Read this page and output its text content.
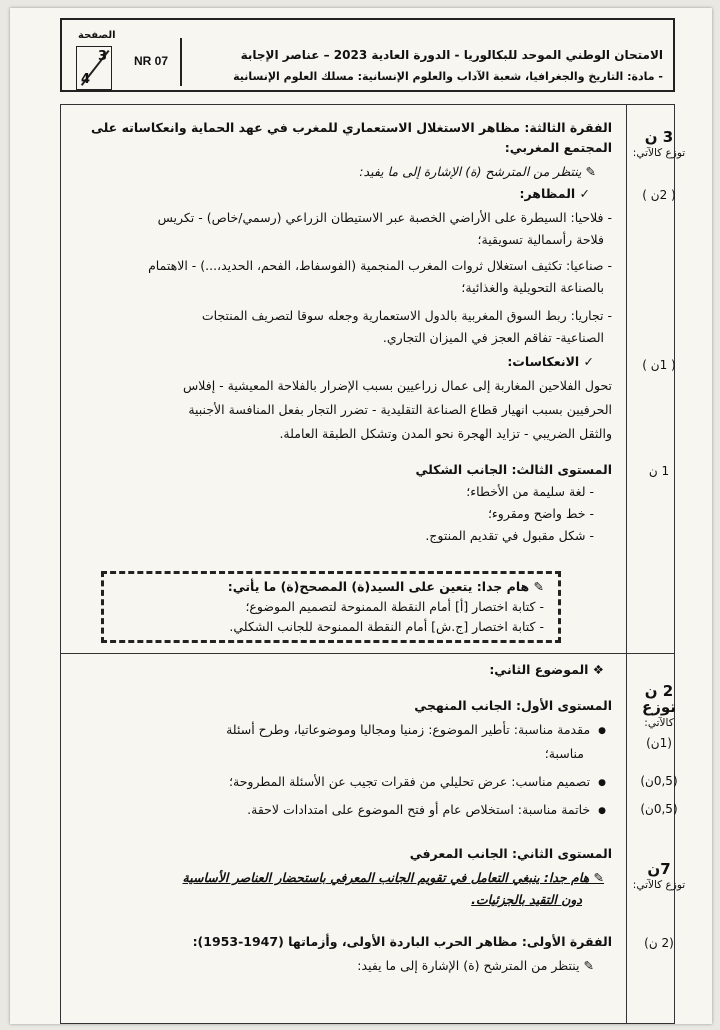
الصفحة
3
4
NR 07	الامتحان الوطني الموحد للبكالوريا - الدورة العادية 2023 – عناصر الإجابة
- مادة: التاريخ والجغرافيا، شعبة الآداب والعلوم الإنسانية: مسلك العلوم الإنسانية
الفقرة الثالثة: مظاهر الاستغلال الاستعماري للمغرب في عهد الحماية وانعكاساته على
المجتمع المغربي:
✎ ينتظر من المترشح (ة) الإشارة إلى ما يفيد:
✓ المظاهر:
- فلاحيا: السيطرة على الأراضي الخصبة عبر الاستيطان الزراعي (رسمي/خاص) - تكريس
فلاحة رأسمالية تسويقية؛
- صناعيا: تكثيف استغلال ثروات المغرب المنجمية (الفوسفاط، الفحم، الحديد،...) - الاهتمام
بالصناعة التحويلية والغذائية؛
- تجاريا: ربط السوق المغربية بالدول الاستعمارية وجعله سوقا لتصريف المنتجات
الصناعية- تفاقم العجز في الميزان التجاري.
✓ الانعكاسات:
تحول الفلاحين المغاربة إلى عمال زراعيين بسبب الإضرار بالفلاحة المعيشية - إفلاس
الحرفيين بسبب انهيار قطاع الصناعة التقليدية - تضرر التجار بفعل المنافسة الأجنبية
والثقل الضريبي - تزايد الهجرة نحو المدن وتشكل الطبقة العاملة.
المستوى الثالث: الجانب الشكلي
- لغة سليمة من الأخطاء؛
- خط واضح ومقروء؛
- شكل مقبول في تقديم المنتوج.
✎ هام جدا: يتعين على السيد(ة) المصحح(ة) ما يأتي:
- كتابة اختصار [أ] أمام النقطة الممنوحة لتصميم الموضوع؛
- كتابة اختصار [ج.ش] أمام النقطة الممنوحة للجانب الشكلي.
❖ الموضوع الثاني:
المستوى الأول: الجانب المنهجي
● مقدمة مناسبة: تأطير الموضوع: زمنيا ومجاليا وموضوعاتيا، وطرح أسئلة
مناسبة؛
● تصميم مناسب: عرض تحليلي من فقرات تجيب عن الأسئلة المطروحة؛
● خاتمة مناسبة: استخلاص عام أو فتح الموضوع على امتدادات لاحقة.
المستوى الثاني: الجانب المعرفي
✎ هام جدا: ينبغي التعامل في تقويم الجانب المعرفي باستحضار العناصر الأساسية
دون التقيد بالجزئيات.
الفقرة الأولى: مظاهر الحرب الباردة الأولى، وأزماتها (1947-1953):
✎ ينتظر من المترشح (ة) الإشارة إلى ما يفيد:
3 ن
توزع كالآتي:
( 2ن )
( 1ن )
1 ن
2 ن توزع
كالآتي:
(1ن)
(0,5ن)
(0,5ن)
7ن
توزع كالآتي:
(2 ن)
